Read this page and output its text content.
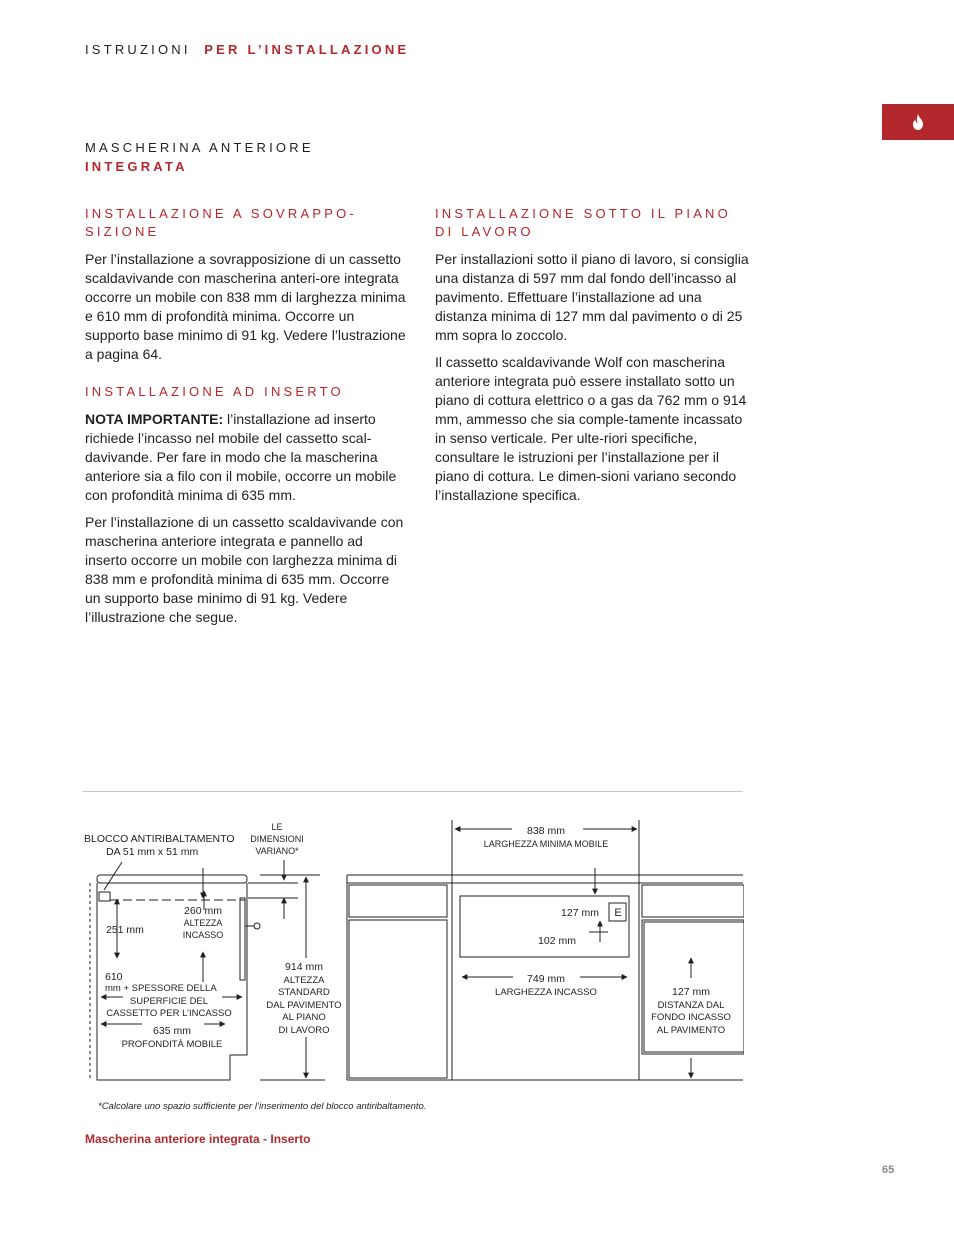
ISTRUZIONI PER L’INSTALLAZIONE
MASCHERINA ANTERIORE
INTEGRATA
INSTALLAZIONE A SOVRAPPO-
SIZIONE

Per l’installazione a sovrapposizione di un cassetto scaldavivande con mascherina anteri-ore integrata occorre un mobile con 838 mm di larghezza minima e 610 mm di profondità minima. Occorre un supporto base minimo di 91 kg. Vedere l’lustrazione a pagina 64.

INSTALLAZIONE AD INSERTO

NOTA IMPORTANTE: l’installazione ad inserto richiede l’incasso nel mobile del cassetto scal-davivande. Per fare in modo che la mascherina anteriore sia a filo con il mobile, occorre un mobile con profondità minima di 635 mm.

Per l’installazione di un cassetto scaldavivande con mascherina anteriore integrata e pannello ad inserto occorre un mobile con larghezza minima di 838 mm e profondità minima di 635 mm. Occorre un supporto base minimo di 91 kg. Vedere l’illustrazione che segue.

INSTALLAZIONE SOTTO IL PIANO
DI LAVORO

Per installazioni sotto il piano di lavoro, si consiglia una distanza di 597 mm dal fondo dell’incasso al pavimento. Effettuare l’installazione ad una distanza minima di 127 mm dal pavimento o di 25 mm sopra lo zoccolo.

Il cassetto scaldavivande Wolf con mascherina anteriore integrata può essere installato sotto un piano di cottura elettrico o a gas da 762 mm o 914 mm, ammesso che sia comple-tamente incassato in senso verticale. Per ulte-riori specifiche, consultare le istruzioni per l’installazione per il piano di cottura. Le dimen-sioni variano secondo l’installazione specifica.

BLOCCO ANTIRIBALTAMENTO
DA 51 mm x 51 mm
LE
DIMENSIONI
VARIANO*
260 mm
ALTEZZA
INCASSO
251 mm
610
mm + SPESSORE DELLA
SUPERFICIE DEL
CASSETTO PER L’INCASSO
635 mm
PROFONDITÀ MOBILE
914 mm
ALTEZZA
STANDARD
DAL PAVIMENTO
AL PIANO
DI LAVORO
838 mm
LARGHEZZA MINIMA MOBILE
127 mm E
102 mm
749 mm
LARGHEZZA INCASSO	127 mm
DISTANZA DAL
FONDO INCASSO
AL PAVIMENTO
*Calcolare uno spazio sufficiente per l’inserimento del blocco antiribaltamento.
Mascherina anteriore integrata - Inserto
65
